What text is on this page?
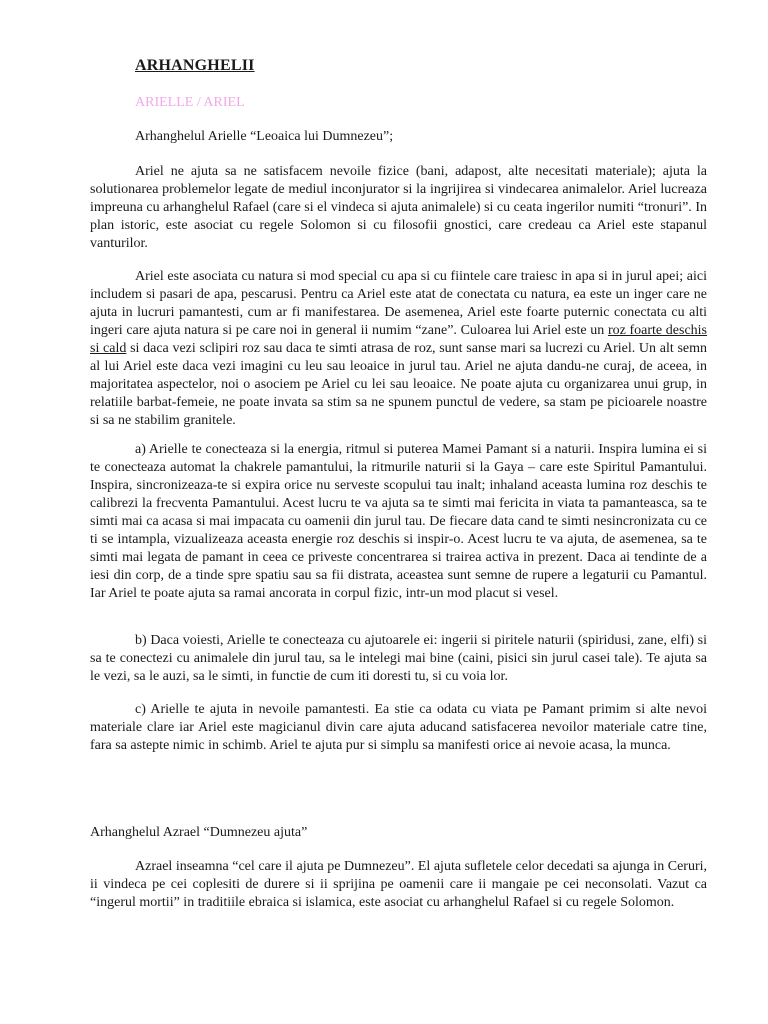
ARHANGHELII
ARIELLE / ARIEL
Arhanghelul Arielle “Leoaica lui Dumnezeu”;

Ariel ne ajuta sa ne satisfacem nevoile fizice (bani, adapost, alte necesitati materiale); ajuta la solutionarea problemelor legate de mediul inconjurator si la ingrijirea si vindecarea animalelor. Ariel lucreaza impreuna cu arhanghelul Rafael (care si el vindeca si ajuta animalele) si cu ceata ingerilor numiti “tronuri”. In plan istoric, este asociat cu regele Solomon si cu filosofii gnostici, care credeau ca Ariel este stapanul vanturilor.

Ariel este asociata cu natura si mod special cu apa si cu fiintele care traiesc in apa si in jurul apei; aici includem si pasari de apa, pescarusi. Pentru ca Ariel este atat de conectata cu natura, ea este un inger care ne ajuta in lucruri pamantesti, cum ar fi manifestarea. De asemenea, Ariel este foarte puternic conectata cu alti ingeri care ajuta natura si pe care noi in general ii numim “zane”. Culoarea lui Ariel este un roz foarte deschis si cald si daca vezi sclipiri roz sau daca te simti atrasa de roz, sunt sanse mari sa lucrezi cu Ariel. Un alt semn al lui Ariel este daca vezi imagini cu leu sau leoaice in jurul tau. Ariel ne ajuta dandu-ne curaj, de aceea, in majoritatea aspectelor, noi o asociem pe Ariel cu lei sau leoaice. Ne poate ajuta cu organizarea unui grup, in relatiile barbat-femeie, ne poate invata sa stim sa ne spunem punctul de vedere, sa stam pe picioarele noastre si sa ne stabilim granitele.

a) Arielle te conecteaza si la energia, ritmul si puterea Mamei Pamant si a naturii. Inspira lumina ei si te conecteaza automat la chakrele pamantului, la ritmurile naturii si la Gaya – care este Spiritul Pamantului. Inspira, sincronizeaza-te si expira orice nu serveste scopului tau inalt; inhaland aceasta lumina roz deschis te calibrezi la frecventa Pamantului. Acest lucru te va ajuta sa te simti mai fericita in viata ta pamanteasca, sa te simti mai ca acasa si mai impacata cu oamenii din jurul tau. De fiecare data cand te simti nesincronizata cu ce ti se intampla, vizualizeaza aceasta energie roz deschis si inspir-o. Acest lucru te va ajuta, de asemenea, sa te simti mai legata de pamant in ceea ce priveste concentrarea si trairea activa in prezent. Daca ai tendinte de a iesi din corp, de a tinde spre spatiu sau sa fii distrata, aceastea sunt semne de rupere a legaturii cu Pamantul. Iar Ariel te poate ajuta sa ramai ancorata in corpul fizic, intr-un mod placut si vesel.

b) Daca voiesti, Arielle te conecteaza cu ajutoarele ei: ingerii si piritele naturii (spiridusi, zane, elfi) si sa te conectezi cu animalele din jurul tau, sa le intelegi mai bine (caini, pisici sin jurul casei tale). Te ajuta sa le vezi, sa le auzi, sa le simti, in functie de cum iti doresti tu, si cu voia lor.

c) Arielle te ajuta in nevoile pamantesti. Ea stie ca odata cu viata pe Pamant primim si alte nevoi materiale clare iar Ariel este magicianul divin care ajuta aducand satisfacerea nevoilor materiale catre tine, fara sa astepte nimic in schimb. Ariel te ajuta pur si simplu sa manifesti orice ai nevoie acasa, la munca.

Arhanghelul Azrael “Dumnezeu ajuta”

Azrael inseamna “cel care il ajuta pe Dumnezeu”. El ajuta sufletele celor decedati sa ajunga in Ceruri, ii vindeca pe cei coplesiti de durere si ii sprijina pe oamenii care ii mangaie pe cei neconsolati. Vazut ca “ingerul mortii” in traditiile ebraica si islamica, este asociat cu arhanghelul Rafael si cu regele Solomon.
